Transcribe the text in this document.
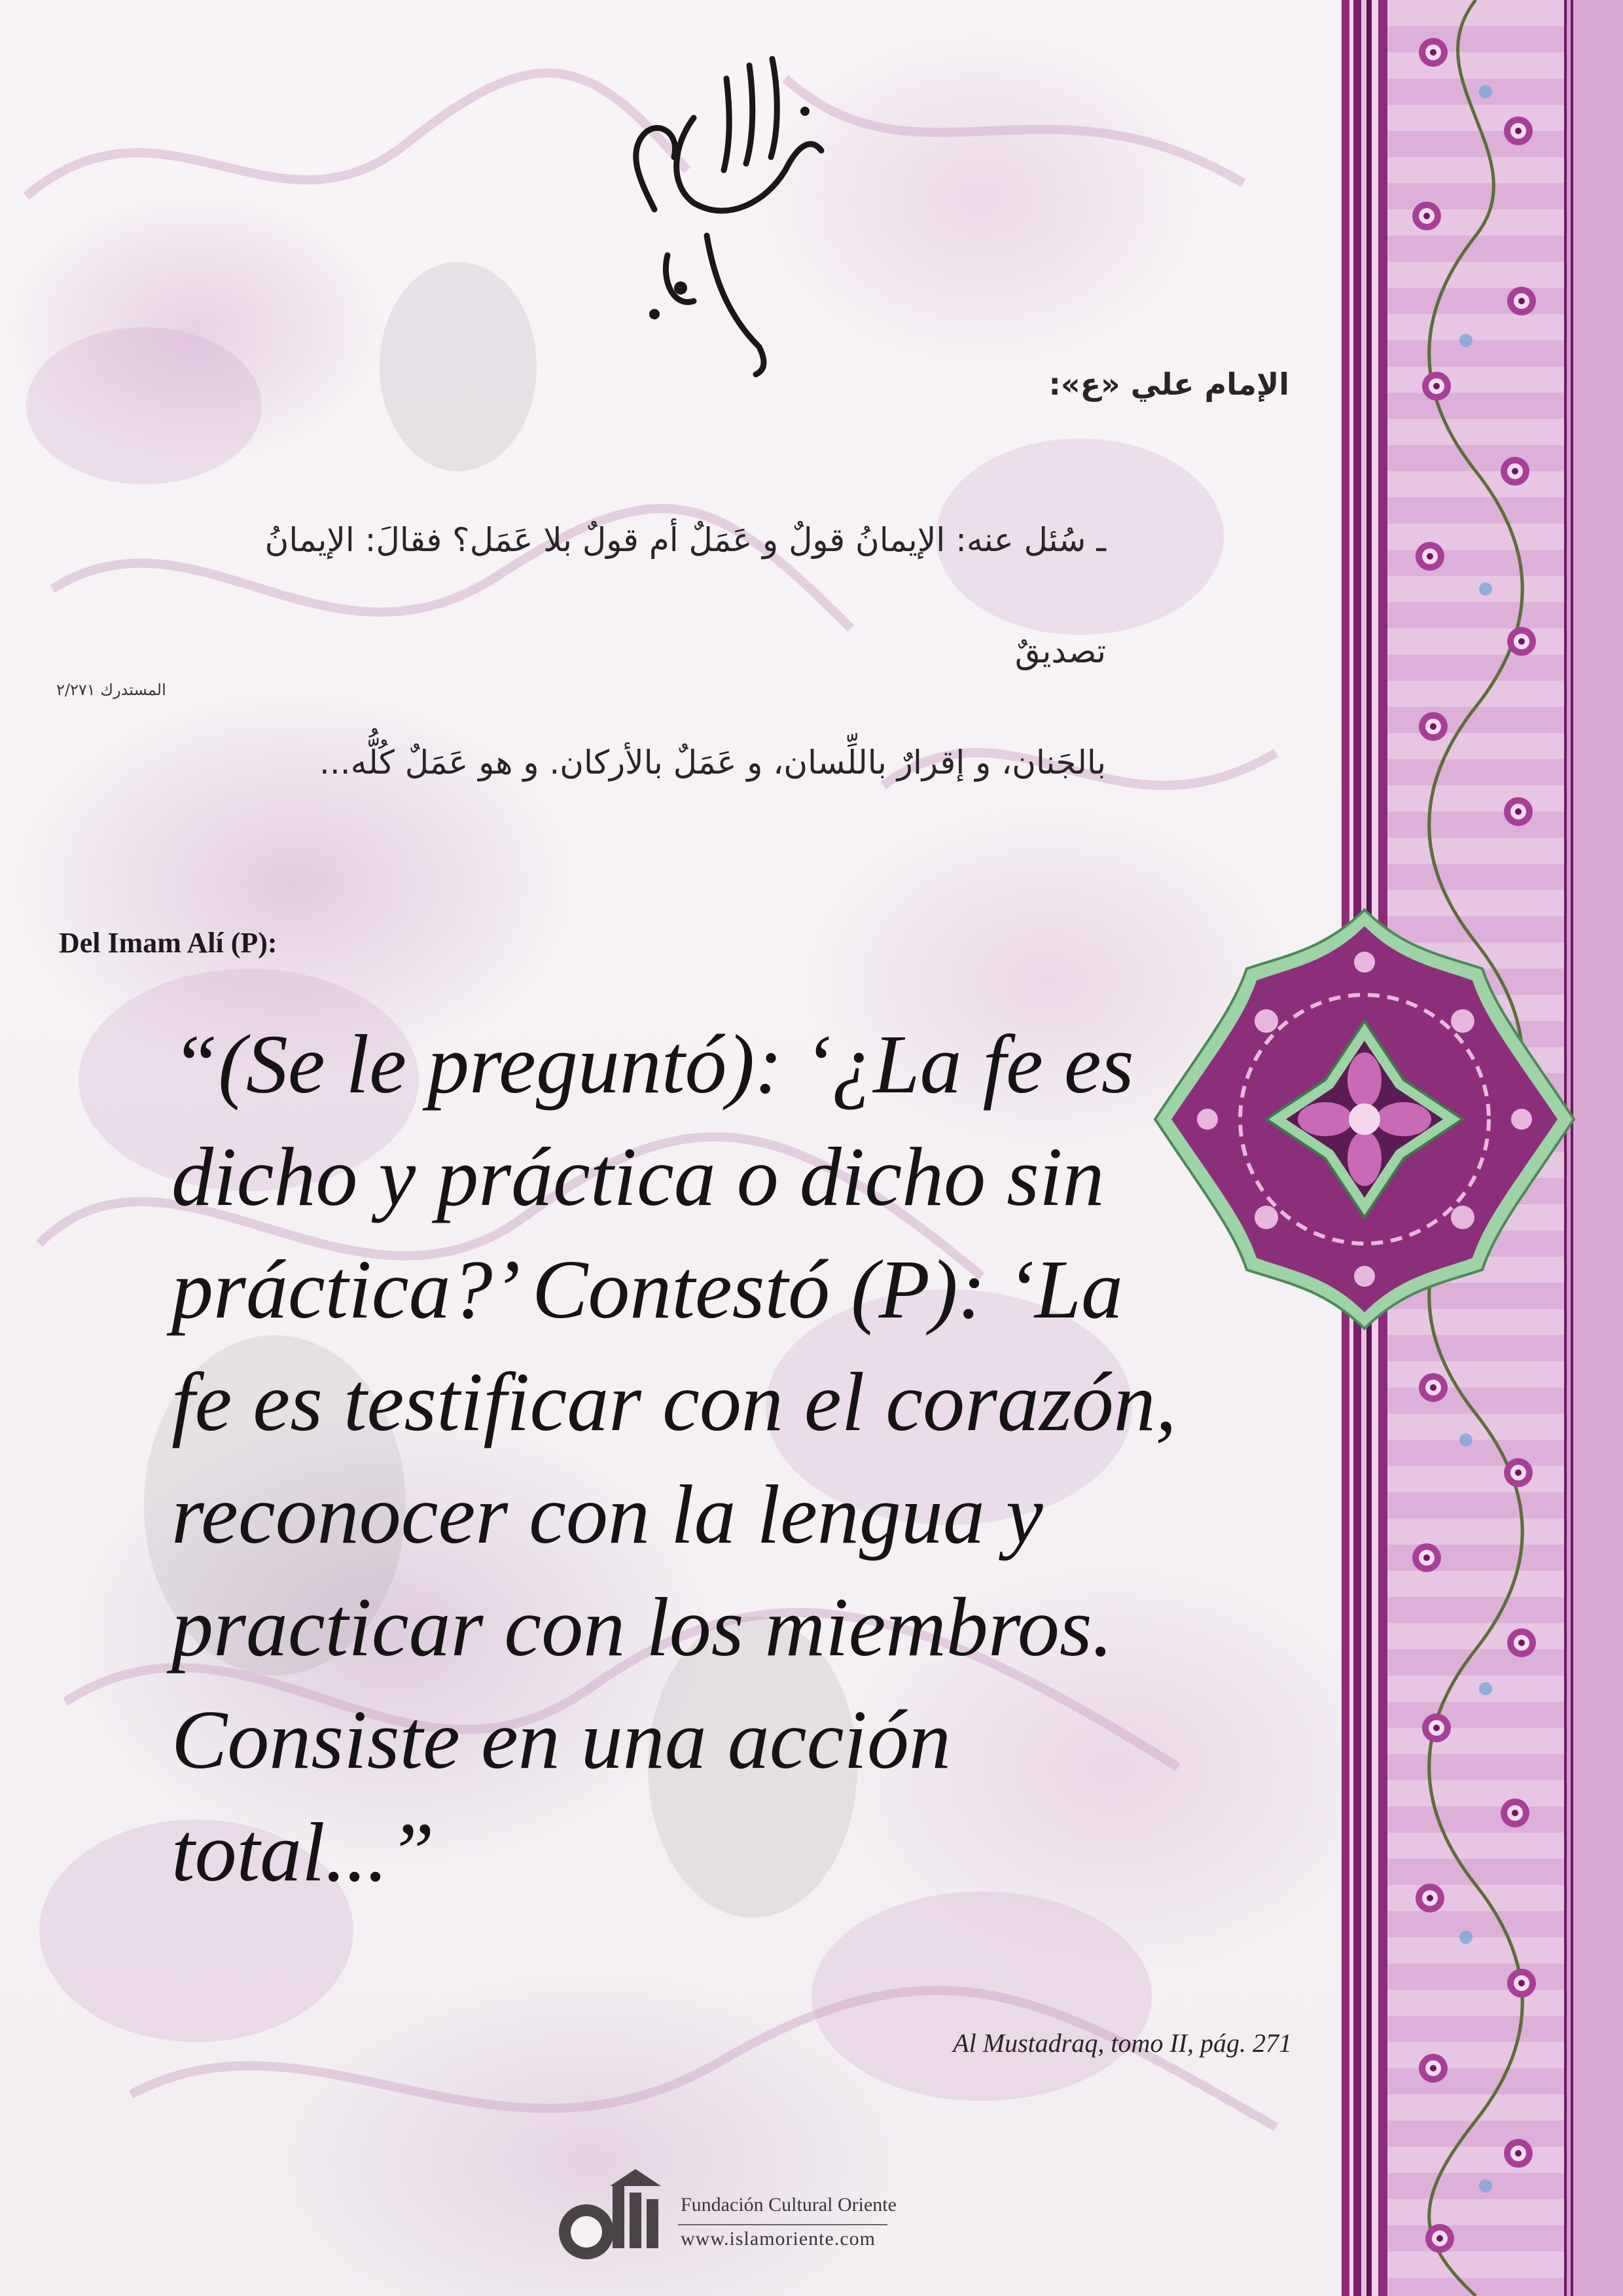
الإمام علي «ع»:
ـ سُئل عنه: الإيمانُ قولٌ و عَمَلٌ أم قولٌ بلا عَمَل؟ فقالَ: الإيمانُ تصديقٌ
بالجَنان، و إقرارٌ باللِّسان، و عَمَلٌ بالأركان. و هو عَمَلٌ كُلُّه...
المستدرك ٢/٢٧١
Del Imam Alí (P):
“(Se le preguntó): ‘¿La fe es dicho y práctica o dicho sin práctica?’ Contestó (P): ‘La fe es testificar con el corazón, reconocer con la lengua y practicar con los miembros. Consiste en una acción total...”
Al Mustadraq, tomo II, pág. 271
Fundación Cultural Oriente
www.islamoriente.com
